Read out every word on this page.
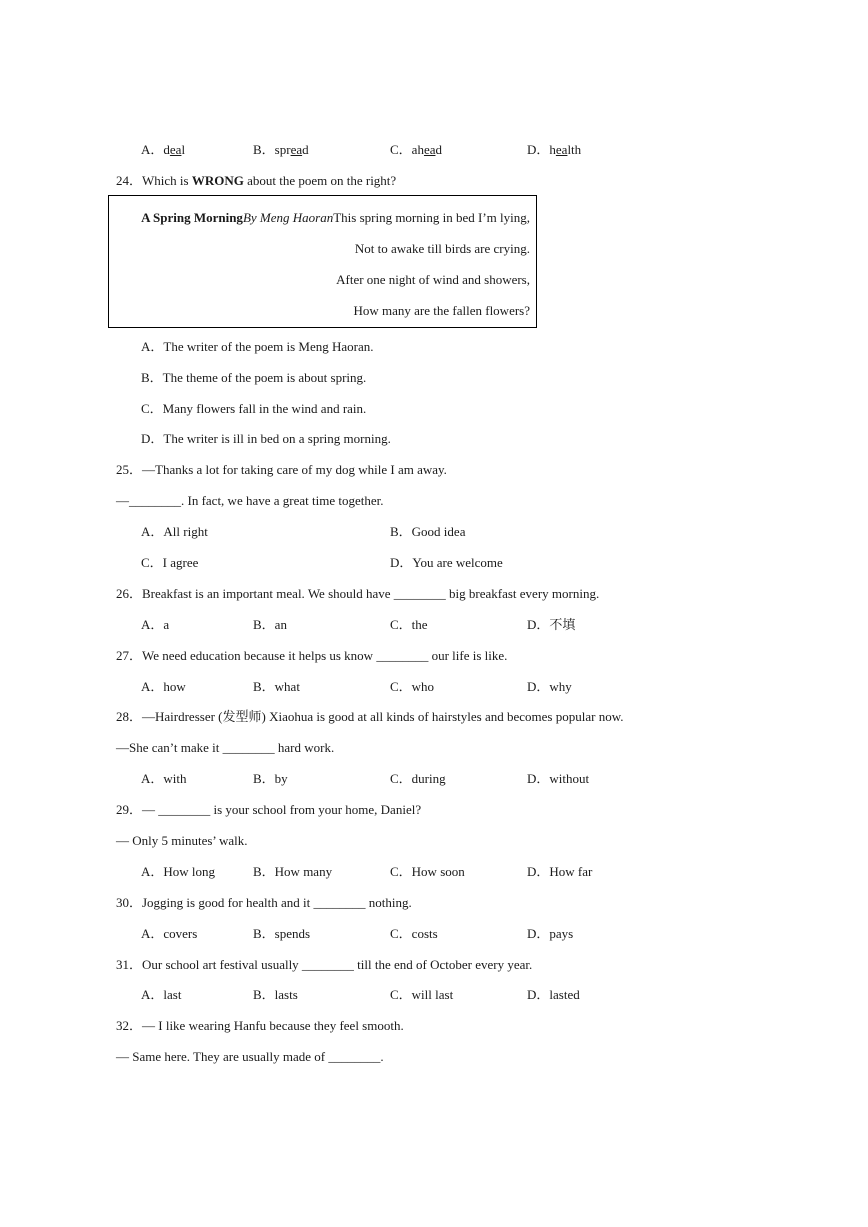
A．deal	B．spread	C．ahead	D．health
24．Which is WRONG about the poem on the right?
A Spring MorningBy Meng HaoranThis spring morning in bed I’m lying,
Not to awake till birds are crying.
After one night of wind and showers,
How many are the fallen flowers?
A．The writer of the poem is Meng Haoran.
B．The theme of the poem is about spring.
C．Many flowers fall in the wind and rain.
D．The writer is ill in bed on a spring morning.
25．—Thanks a lot for taking care of my dog while I am away.
—________. In fact, we have a great time together.
A．All right	B．Good idea
C．I agree	D．You are welcome
26．Breakfast is an important meal. We should have ________ big breakfast every morning.
A．a	B．an	C．the	D．不填
27．We need education because it helps us know ________ our life is like.
A．how	B．what	C．who	D．why
28．—Hairdresser (发型师) Xiaohua is good at all kinds of hairstyles and becomes popular now.
—She can’t make it ________ hard work.
A．with	B．by	C．during	D．without
29．— ________ is your school from your home, Daniel?
— Only 5 minutes’ walk.
A．How long	B．How many	C．How soon	D．How far
30．Jogging is good for health and it ________ nothing.
A．covers	B．spends	C．costs	D．pays
31．Our school art festival usually ________ till the end of October every year.
A．last	B．lasts	C．will last	D．lasted
32．— I like wearing Hanfu because they feel smooth.
— Same here. They are usually made of ________.
